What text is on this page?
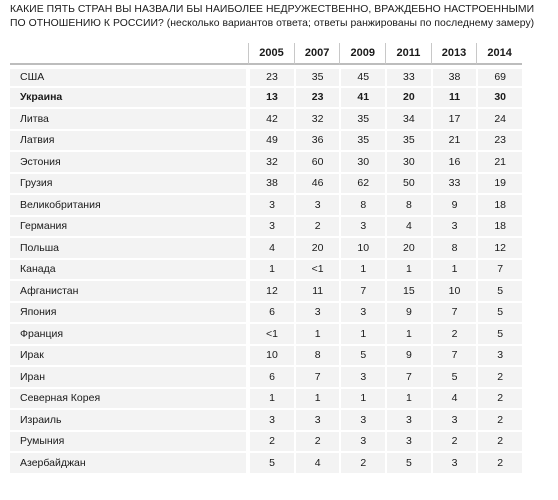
КАКИЕ ПЯТЬ СТРАН ВЫ НАЗВАЛИ БЫ НАИБОЛЕЕ НЕДРУЖЕСТВЕННО, ВРАЖДЕБНО НАСТРОЕННЫМИ ПО ОТНОШЕНИЮ К РОССИИ? (несколько вариантов ответа; ответы ранжированы по последнему замеру)
	2005	2007	2009	2011	2013	2014
США	23	35	45	33	38	69
Украина	13	23	41	20	11	30
Литва	42	32	35	34	17	24
Латвия	49	36	35	35	21	23
Эстония	32	60	30	30	16	21
Грузия	38	46	62	50	33	19
Великобритания	3	3	8	8	9	18
Германия	3	2	3	4	3	18
Польша	4	20	10	20	8	12
Канада	1	<1	1	1	1	7
Афганистан	12	11	7	15	10	5
Япония	6	3	3	9	7	5
Франция	<1	1	1	1	2	5
Ирак	10	8	5	9	7	3
Иран	6	7	3	7	5	2
Северная Корея	1	1	1	1	4	2
Израиль	3	3	3	3	3	2
Румыния	2	2	3	3	2	2
Азербайджан	5	4	2	5	3	2
